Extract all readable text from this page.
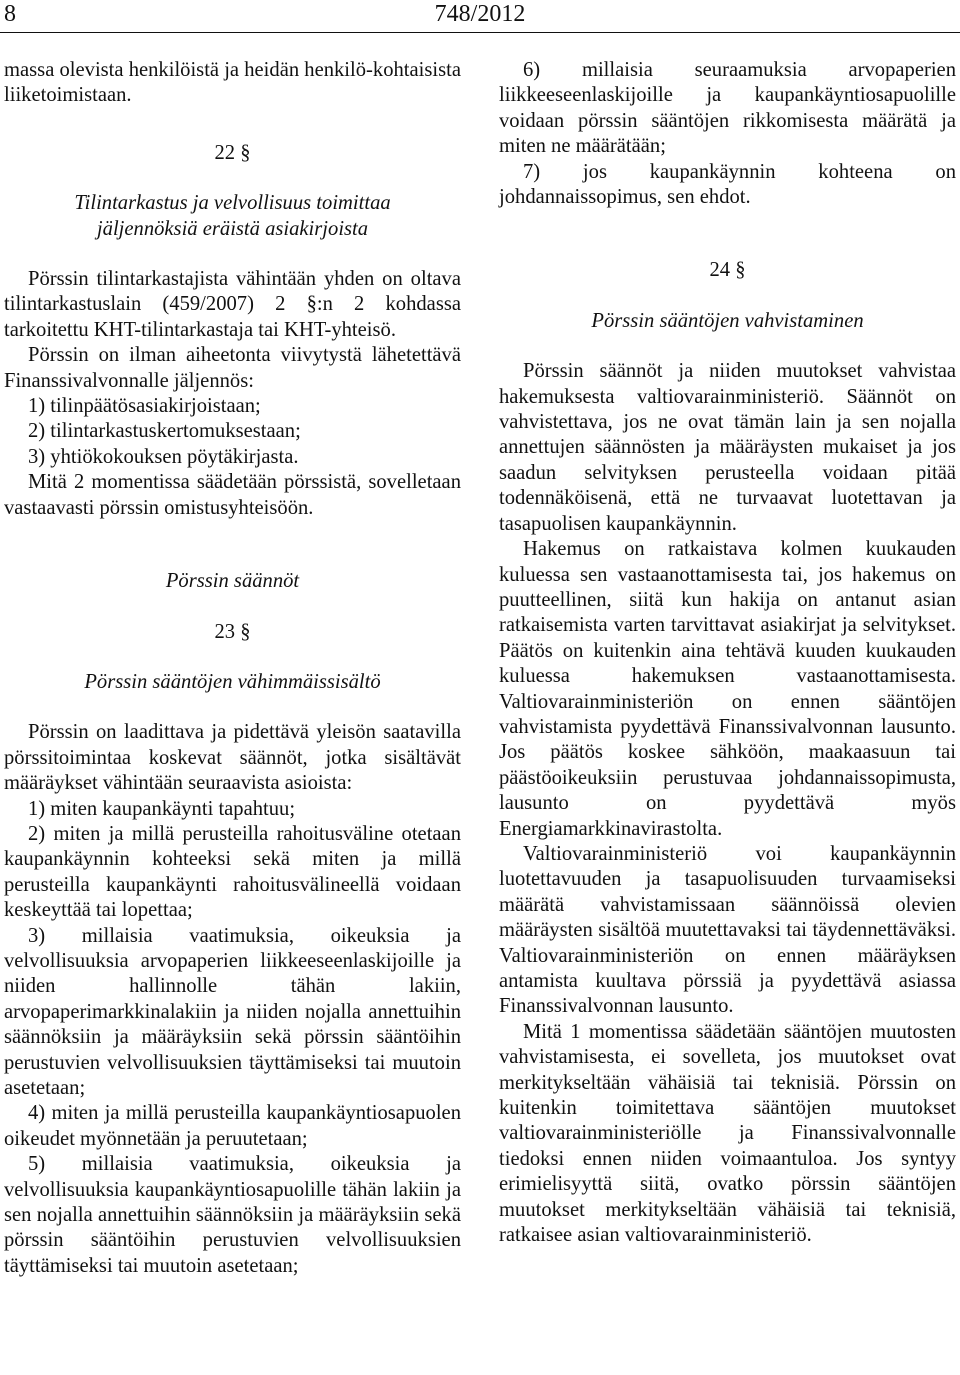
8	748/2012

massa olevista henkilöistä ja heidän henkilö-kohtaisista liiketoimistaan.

22 §

Tilintarkastus ja velvollisuus toimittaa

jäljennöksiä eräistä asiakirjoista

Pörssin tilintarkastajista vähintään yhden on oltava tilintarkastuslain (459/2007) 2 §:n 2 kohdassa tarkoitettu KHT-tilintarkastaja tai KHT-yhteisö.

Pörssin on ilman aiheetonta viivytystä lähetettävä Finanssivalvonnalle jäljennös:

1) tilinpäätösasiakirjoistaan;

2) tilintarkastuskertomuksestaan;

3) yhtiökokouksen pöytäkirjasta.

Mitä 2 momentissa säädetään pörssistä, sovelletaan vastaavasti pörssin omistusyhteisöön.

Pörssin säännöt

23 §

Pörssin sääntöjen vähimmäissisältö

Pörssin on laadittava ja pidettävä yleisön saatavilla pörssitoimintaa koskevat säännöt, jotka sisältävät määräykset vähintään seuraavista asioista:

1) miten kaupankäynti tapahtuu;

2) miten ja millä perusteilla rahoitusväline otetaan kaupankäynnin kohteeksi sekä miten ja millä perusteilla kaupankäynti rahoitusvälineellä voidaan keskeyttää tai lopettaa;

3) millaisia vaatimuksia, oikeuksia ja velvollisuuksia arvopaperien liikkeeseenlaskijoille ja niiden hallinnolle tähän lakiin, arvopaperimarkkinalakiin ja niiden nojalla annettuihin säännöksiin ja määräyksiin sekä pörssin sääntöihin perustuvien velvollisuuksien täyttämiseksi tai muutoin asetetaan;

4) miten ja millä perusteilla kaupankäyntiosapuolen oikeudet myönnetään ja peruutetaan;

5) millaisia vaatimuksia, oikeuksia ja velvollisuuksia kaupankäyntiosapuolille tähän lakiin ja sen nojalla annettuihin säännöksiin ja määräyksiin sekä pörssin sääntöihin perustuvien velvollisuuksien täyttämiseksi tai muutoin asetetaan;

6) millaisia seuraamuksia arvopaperien liikkeeseenlaskijoille ja kaupankäyntiosapuolille voidaan pörssin sääntöjen rikkomisesta määrätä ja miten ne määrätään;

7) jos kaupankäynnin kohteena on johdannaissopimus, sen ehdot.

24 §

Pörssin sääntöjen vahvistaminen

Pörssin säännöt ja niiden muutokset vahvistaa hakemuksesta valtiovarainministeriö. Säännöt on vahvistettava, jos ne ovat tämän lain ja sen nojalla annettujen säännösten ja määräysten mukaiset ja jos saadun selvityksen perusteella voidaan pitää todennäköisenä, että ne turvaavat luotettavan ja tasapuolisen kaupankäynnin.

Hakemus on ratkaistava kolmen kuukauden kuluessa sen vastaanottamisesta tai, jos hakemus on puutteellinen, siitä kun hakija on antanut asian ratkaisemista varten tarvittavat asiakirjat ja selvitykset. Päätös on kuitenkin aina tehtävä kuuden kuukauden kuluessa hakemuksen vastaanottamisesta. Valtiovarainministeriön on ennen sääntöjen vahvistamista pyydettävä Finanssivalvonnan lausunto. Jos päätös koskee sähköön, maakaasuun tai päästöoikeuksiin perustuvaa johdannaissopimusta, lausunto on pyydettävä myös Energiamarkkinavirastolta.

Valtiovarainministeriö voi kaupankäynnin luotettavuuden ja tasapuolisuuden turvaamiseksi määrätä vahvistamissaan säännöissä olevien määräysten sisältöä muutettavaksi tai täydennettäväksi. Valtiovarainministeriön on ennen määräyksen antamista kuultava pörssiä ja pyydettävä asiassa Finanssivalvonnan lausunto.

Mitä 1 momentissa säädetään sääntöjen muutosten vahvistamisesta, ei sovelleta, jos muutokset ovat merkitykseltään vähäisiä tai teknisiä. Pörssin on kuitenkin toimitettava sääntöjen muutokset valtiovarainministeriölle ja Finanssivalvonnalle tiedoksi ennen niiden voimaantuloa. Jos syntyy erimielisyyttä siitä, ovatko pörssin sääntöjen muutokset merkitykseltään vähäisiä tai teknisiä, ratkaisee asian valtiovarainministeriö.
